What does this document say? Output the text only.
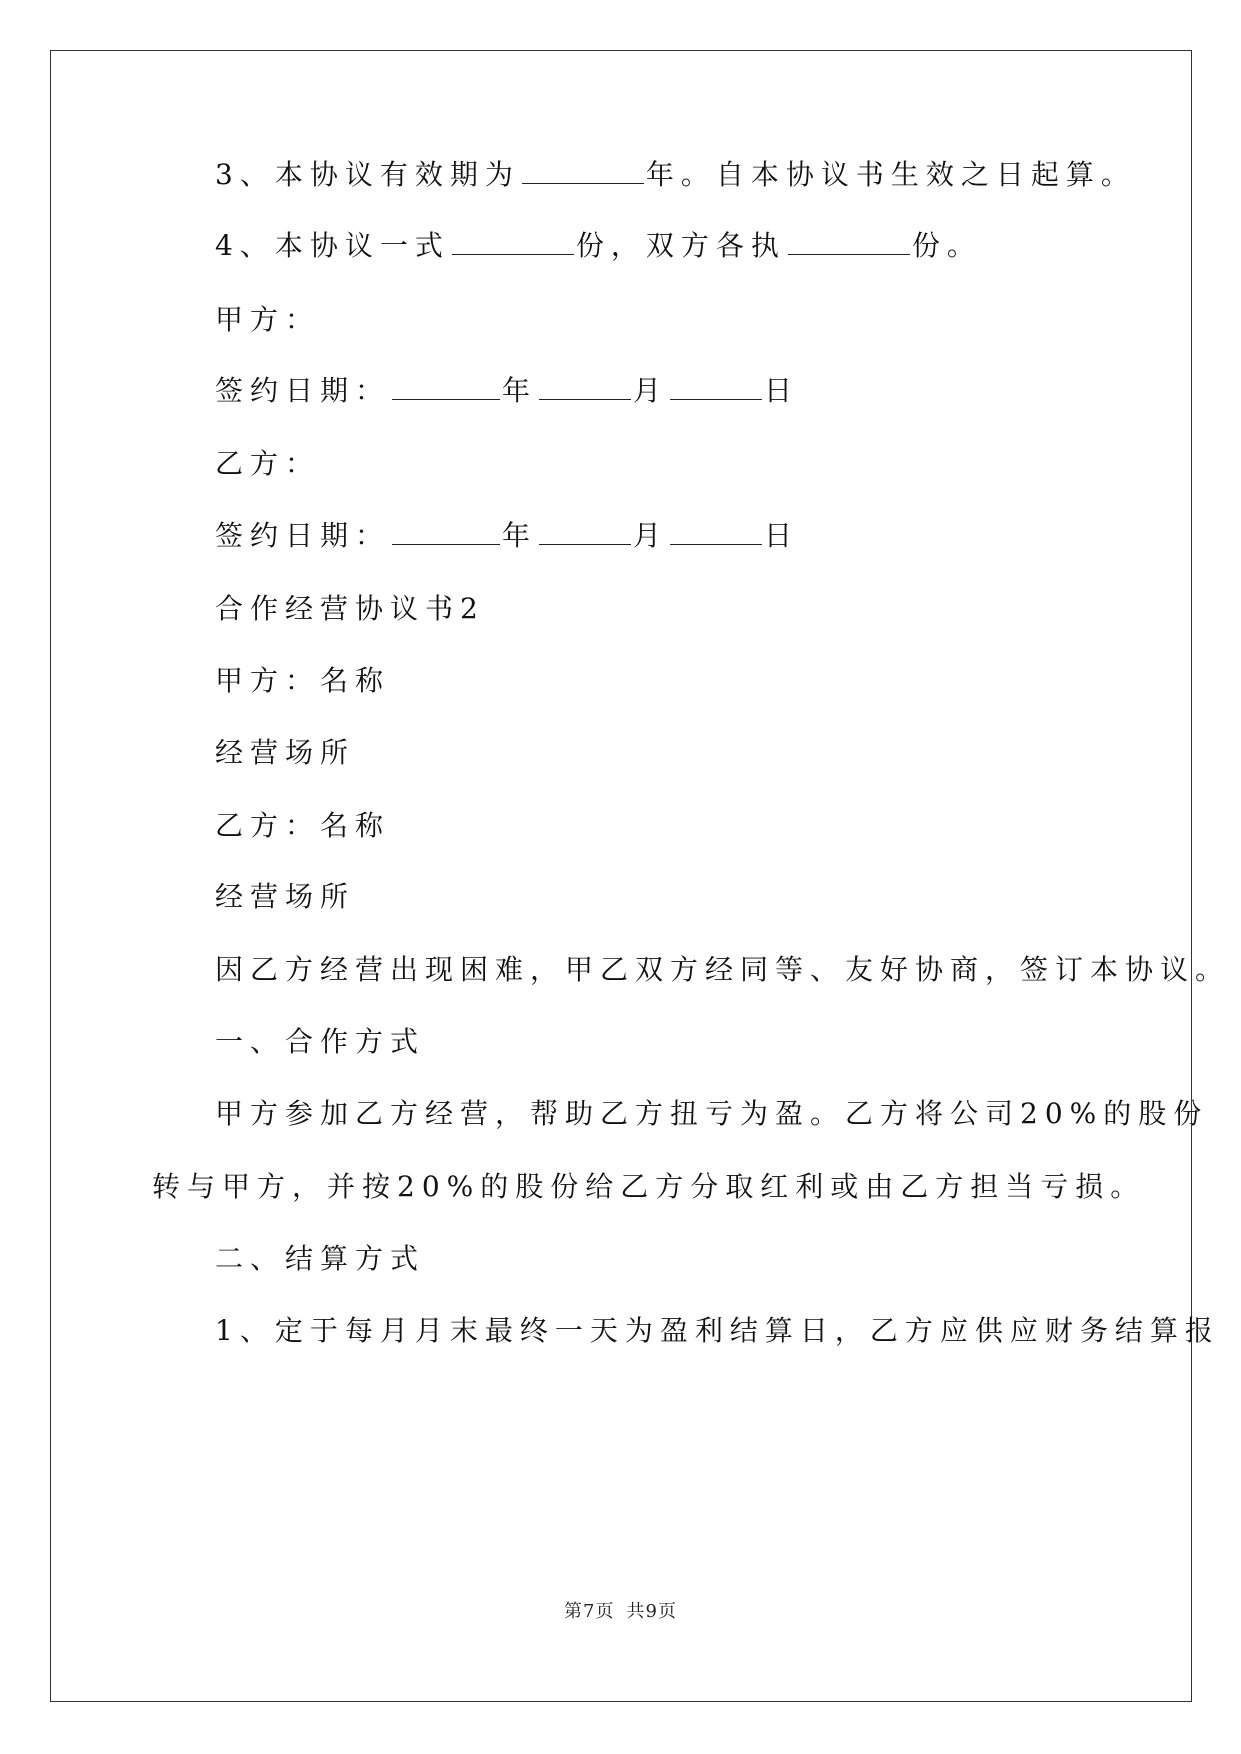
3、本协议有效期为	年。自本协议书生效之日起算。
4、本协议一式	份，双方各执	份。
甲方：
签约日期：	年	月	日
乙方：
签约日期：	年	月	日
合作经营协议书2
甲方：名称
经营场所
乙方：名称
经营场所
因乙方经营出现困难，甲乙双方经同等、友好协商，签订本协议。
一、合作方式
甲方参加乙方经营，帮助乙方扭亏为盈。乙方将公司20%的股份
转与甲方，并按20%的股份给乙方分取红利或由乙方担当亏损。
二、结算方式
1、定于每月月末最终一天为盈利结算日，乙方应供应财务结算报
第7页 共9页
